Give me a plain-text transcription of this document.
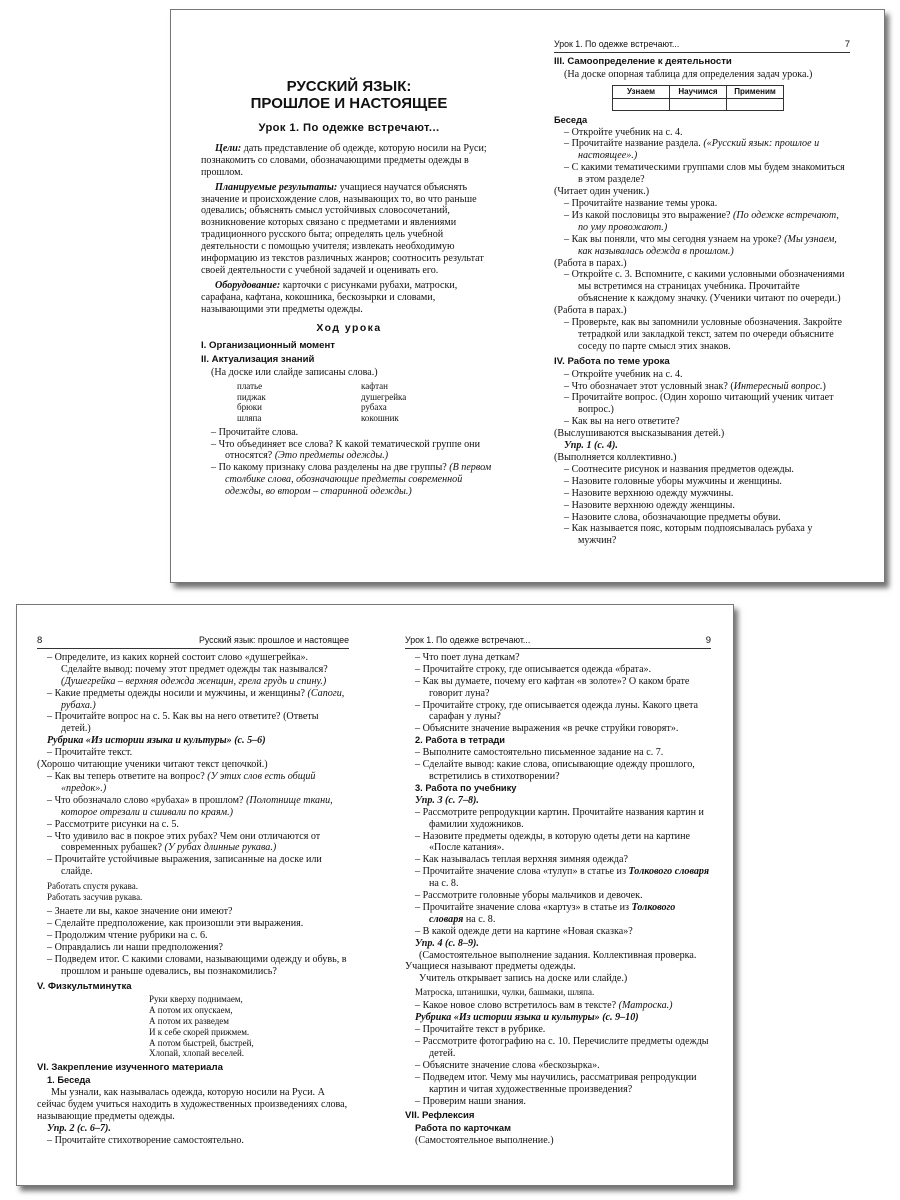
РУССКИЙ ЯЗЫК:
ПРОШЛОЕ И НАСТОЯЩЕЕ
Урок 1. По одежке встречают...

Цели: дать представление об одежде, которую носили на Руси; познакомить со словами, обозначающими предметы одежды в прошлом.

Планируемые результаты: учащиеся научатся объяснять значение и происхождение слов, называющих то, во что раньше одевались; объяснять смысл устойчивых словосочетаний, возникновение которых связано с предметами и явлениями традиционного русского быта; определять цель учебной деятельности с помощью учителя; извлекать необходимую информацию из текстов различных жанров; соотносить результат своей деятельности с учебной задачей и оценивать его.

Оборудование: карточки с рисунками рубахи, матроски, сарафана, кафтана, кокошника, бескозырки и словами, называющими эти предметы одежды.

Ход урока
I. Организационный момент
II. Актуализация знаний

(На доске или слайде записаны слова.)

платье	кафтан
пиджак	душегрейка
брюки	рубаха
шляпа	кокошник

– Прочитайте слова.

– Что объединяет все слова? К какой тематической группе они относятся? (Это предметы одежды.)

– По какому признаку слова разделены на две группы? (В первом столбике слова, обозначающие предметы современной одежды, во втором – старинной одежды.)

Урок 1. По одежке встречают...	7
III. Самоопределение к деятельности

(На доске опорная таблица для определения задач урока.)

Узнаем	Научимся	Применим

Беседа

– Откройте учебник на с. 4.

– Прочитайте название раздела. («Русский язык: прошлое и настоящее».)

– С какими тематическими группами слов мы будем знакомиться в этом разделе?

(Читает один ученик.)

– Прочитайте название темы урока.

– Из какой пословицы это выражение? (По одежке встречают, по уму провожают.)

– Как вы поняли, что мы сегодня узнаем на уроке? (Мы узнаем, как называлась одежда в прошлом.)

(Работа в парах.)

– Откройте с. 3. Вспомните, с какими условными обозначениями мы встретимся на страницах учебника. Прочитайте объяснение к каждому значку. (Ученики читают по очереди.)

(Работа в парах.)

– Проверьте, как вы запомнили условные обозначения. Закройте тетрадкой или закладкой текст, затем по очереди объясните соседу по парте смысл этих знаков.

IV. Работа по теме урока

– Откройте учебник на с. 4.

– Что обозначает этот условный знак? (Интересный вопрос.)

– Прочитайте вопрос. (Один хорошо читающий ученик читает вопрос.)

– Как вы на него ответите?

(Выслушиваются высказывания детей.)

Упр. 1 (с. 4).

(Выполняется коллективно.)

– Соотнесите рисунок и названия предметов одежды.

– Назовите головные уборы мужчины и женщины.

– Назовите верхнюю одежду мужчины.

– Назовите верхнюю одежду женщины.

– Назовите слова, обозначающие предметы обуви.

– Как называется пояс, которым подпоясывалась рубаха у мужчин?

8	Русский язык: прошлое и настоящее

– Определите, из каких корней состоит слово «душегрейка». Сделайте вывод: почему этот предмет одежды так назывался? (Душегрейка – верхняя одежда женщин, грела грудь и спину.)

– Какие предметы одежды носили и мужчины, и женщины? (Сапоги, рубаха.)

– Прочитайте вопрос на с. 5. Как вы на него ответите? (Ответы детей.)

Рубрика «Из истории языка и культуры» (с. 5–6)

– Прочитайте текст.

(Хорошо читающие ученики читают текст цепочкой.)

– Как вы теперь ответите на вопрос? (У этих слов есть общий «предок».)

– Что обозначало слово «рубаха» в прошлом? (Полотнище ткани, которое отрезали и сшивали по краям.)

– Рассмотрите рисунки на с. 5.

– Что удивило вас в покрое этих рубах? Чем они отличаются от современных рубашек? (У рубах длинные рукава.)

– Прочитайте устойчивые выражения, записанные на доске или слайде.

Работать спустя рукава.

Работать засучив рукава.

– Знаете ли вы, какое значение они имеют?

– Сделайте предположение, как произошли эти выражения.

– Продолжим чтение рубрики на с. 6.

– Оправдались ли наши предположения?

– Подведем итог. С какими словами, называющими одежду и обувь, в прошлом и раньше одевались, вы познакомились?

V. Физкультминутка
Руки кверху поднимаем,
А потом их опускаем,
А потом их разведем
И к себе скорей прижмем.
А потом быстрей, быстрей,
Хлопай, хлопай веселей.
VI. Закрепление изученного материала
1. Беседа

Мы узнали, как называлась одежда, которую носили на Руси. А сейчас будем учиться находить в художественных произведениях слова, называющие предметы одежды.

Упр. 2 (с. 6–7).

– Прочитайте стихотворение самостоятельно.

Урок 1. По одежке встречают...	9

– Что поет луна деткам?

– Прочитайте строку, где описывается одежда «брата».

– Как вы думаете, почему его кафтан «в золоте»? О каком брате говорит луна?

– Прочитайте строку, где описывается одежда луны. Какого цвета сарафан у луны?

– Объясните значение выражения «в речке струйки говорят».

2. Работа в тетради

– Выполните самостоятельно письменное задание на с. 7.

– Сделайте вывод: какие слова, описывающие одежду прошлого, встретились в стихотворении?

3. Работа по учебнику

Упр. 3 (с. 7–8).

– Рассмотрите репродукции картин. Прочитайте названия картин и фамилии художников.

– Назовите предметы одежды, в которую одеты дети на картине «После катания».

– Как называлась теплая верхняя зимняя одежда?

– Прочитайте значение слова «тулуп» в статье из Толкового словаря на с. 8.

– Рассмотрите головные уборы мальчиков и девочек.

– Прочитайте значение слова «картуз» в статье из Толкового словаря на с. 8.

– В какой одежде дети на картине «Новая сказка»?

Упр. 4 (с. 8–9).

(Самостоятельное выполнение задания. Коллективная проверка. Учащиеся называют предметы одежды.

Учитель открывает запись на доске или слайде.)

Матроска, штанишки, чулки, башмаки, шляпа.

– Какое новое слово встретилось вам в тексте? (Матроска.)

Рубрика «Из истории языка и культуры» (с. 9–10)

– Прочитайте текст в рубрике.

– Рассмотрите фотографию на с. 10. Перечислите предметы одежды детей.

– Объясните значение слова «бескозырка».

– Подведем итог. Чему мы научились, рассматривая репродукции картин и читая художественные произведения?

– Проверим наши знания.

VII. Рефлексия
Работа по карточкам

(Самостоятельное выполнение.)
